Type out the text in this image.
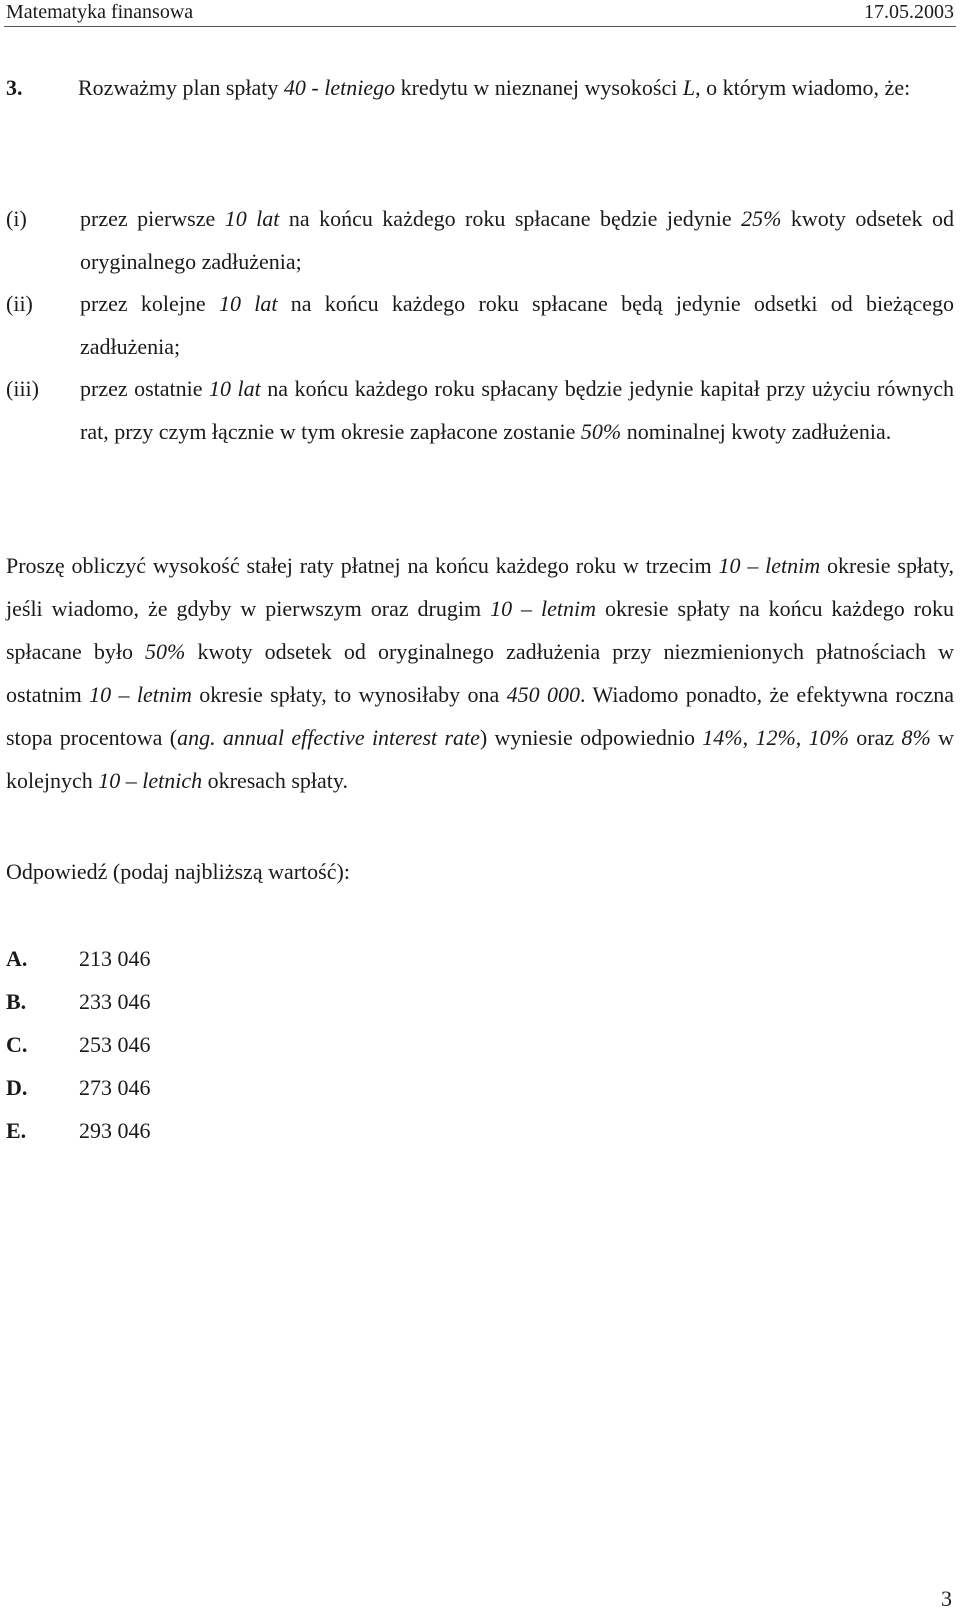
Matematyka finansowa	17.05.2003
3.	Rozważmy plan spłaty 40 - letniego kredytu w nieznanej wysokości L, o którym wiadomo, że:
(i) przez pierwsze 10 lat na końcu każdego roku spłacane będzie jedynie 25% kwoty odsetek od oryginalnego zadłużenia;
(ii) przez kolejne 10 lat na końcu każdego roku spłacane będą jedynie odsetki od bieżącego zadłużenia;
(iii) przez ostatnie 10 lat na końcu każdego roku spłacany będzie jedynie kapitał przy użyciu równych rat, przy czym łącznie w tym okresie zapłacone zostanie 50% nominalnej kwoty zadłużenia.
Proszę obliczyć wysokość stałej raty płatnej na końcu każdego roku w trzecim 10 – letnim okresie spłaty, jeśli wiadomo, że gdyby w pierwszym oraz drugim 10 – letnim okresie spłaty na końcu każdego roku spłacane było 50% kwoty odsetek od oryginalnego zadłużenia przy niezmienionych płatnościach w ostatnim 10 – letnim okresie spłaty, to wynosiłaby ona 450 000. Wiadomo ponadto, że efektywna roczna stopa procentowa (ang. annual effective interest rate) wyniesie odpowiednio 14%, 12%, 10% oraz 8% w kolejnych 10 – letnich okresach spłaty.
Odpowiedź (podaj najbliższą wartość):
A. 213 046
B. 233 046
C. 253 046
D. 273 046
E. 293 046
3
